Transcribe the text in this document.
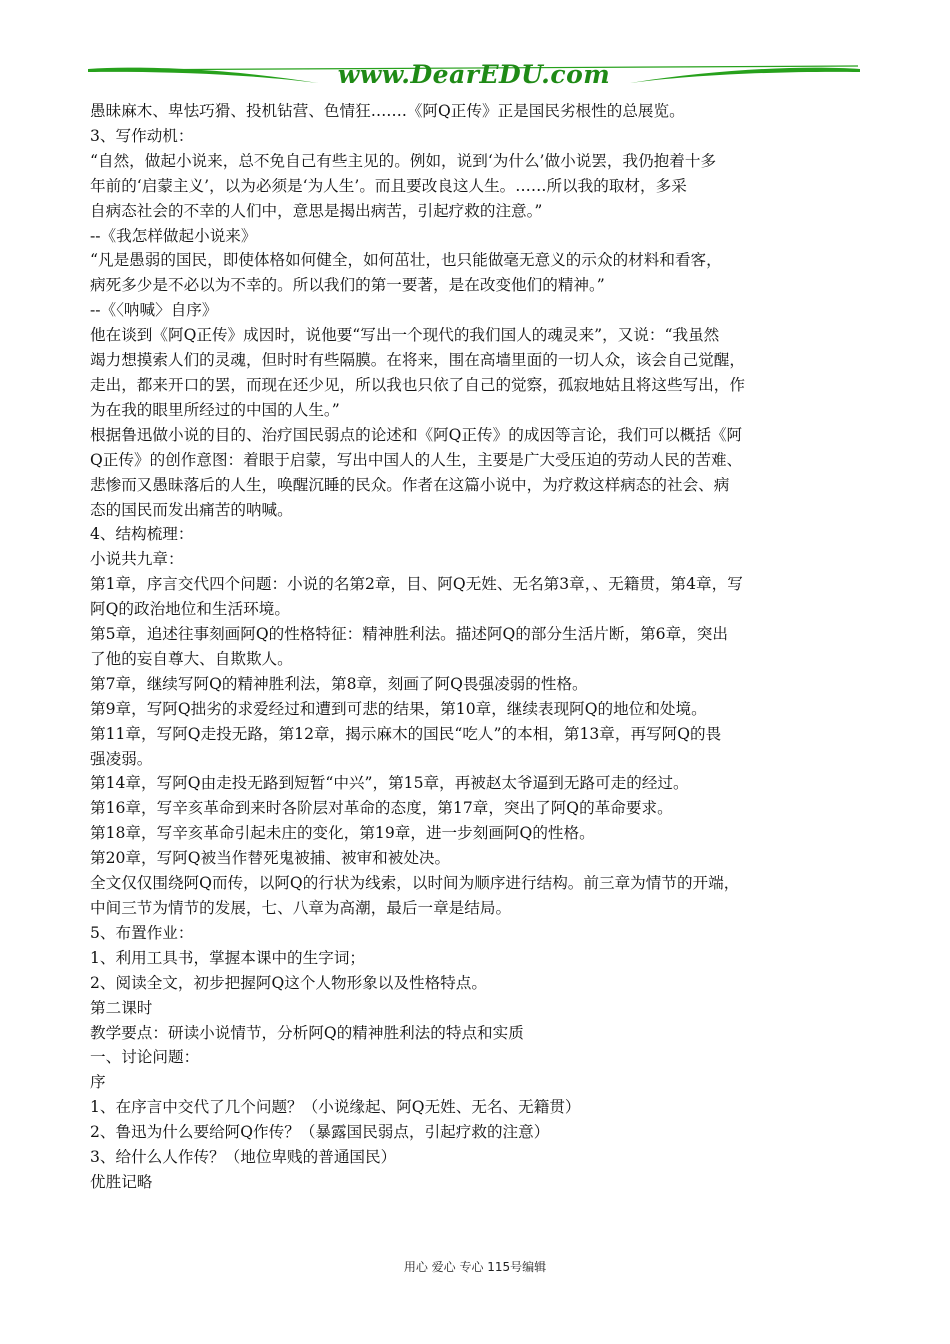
www.DearEDU.com

愚昧麻木、卑怯巧猾、投机钻营、色情狂…….《阿Q正传》正是国民劣根性的总展览。

3、写作动机：

“自然，做起小说来，总不免自己有些主见的。例如，说到‘为什么’做小说罢，我仍抱着十多

年前的‘启蒙主义’，以为必须是‘为人生’。而且要改良这人生。……所以我的取材，多采

自病态社会的不幸的人们中，意思是揭出病苦，引起疗救的注意。”

--《我怎样做起小说来》

“凡是愚弱的国民，即使体格如何健全，如何茁壮，也只能做毫无意义的示众的材料和看客，

病死多少是不必以为不幸的。所以我们的第一要著，是在改变他们的精神。”

--《〈呐喊〉自序》

他在谈到《阿Q正传》成因时，说他要“写出一个现代的我们国人的魂灵来”，又说：“我虽然

竭力想摸索人们的灵魂，但时时有些隔膜。在将来，围在高墙里面的一切人众，该会自己觉醒，

走出，都来开口的罢，而现在还少见，所以我也只依了自己的觉察，孤寂地姑且将这些写出，作

为在我的眼里所经过的中国的人生。”

根据鲁迅做小说的目的、治疗国民弱点的论述和《阿Q正传》的成因等言论，我们可以概括《阿

Q正传》的创作意图：着眼于启蒙，写出中国人的人生，主要是广大受压迫的劳动人民的苦难、

悲惨而又愚昧落后的人生，唤醒沉睡的民众。作者在这篇小说中，为疗救这样病态的社会、病

态的国民而发出痛苦的呐喊。

4、结构梳理：

小说共九章：

第1章，序言交代四个问题：小说的名第2章，目、阿Q无姓、无名第3章，、无籍贯，第4章，写

阿Q的政治地位和生活环境。

第5章，追述往事刻画阿Q的性格特征：精神胜利法。描述阿Q的部分生活片断，第6章，突出

了他的妄自尊大、自欺欺人。

第7章，继续写阿Q的精神胜利法，第8章，刻画了阿Q畏强凌弱的性格。

第9章，写阿Q拙劣的求爱经过和遭到可悲的结果，第10章，继续表现阿Q的地位和处境。

第11章，写阿Q走投无路，第12章，揭示麻木的国民“吃人”的本相，第13章，再写阿Q的畏

强凌弱。

第14章，写阿Q由走投无路到短暂“中兴”，第15章，再被赵太爷逼到无路可走的经过。

第16章，写辛亥革命到来时各阶层对革命的态度，第17章，突出了阿Q的革命要求。

第18章，写辛亥革命引起未庄的变化，第19章，进一步刻画阿Q的性格。

第20章，写阿Q被当作替死鬼被捕、被审和被处决。

全文仅仅围绕阿Q而传，以阿Q的行状为线索，以时间为顺序进行结构。前三章为情节的开端，

中间三节为情节的发展，七、八章为高潮，最后一章是结局。

5、布置作业：

1、利用工具书，掌握本课中的生字词；

2、阅读全文，初步把握阿Q这个人物形象以及性格特点。

第二课时

教学要点：研读小说情节，分析阿Q的精神胜利法的特点和实质

一、讨论问题：

序

1、在序言中交代了几个问题？（小说缘起、阿Q无姓、无名、无籍贯）

2、鲁迅为什么要给阿Q作传？（暴露国民弱点，引起疗救的注意）

3、给什么人作传？（地位卑贱的普通国民）

优胜记略

用心 爱心 专心 115号编辑
